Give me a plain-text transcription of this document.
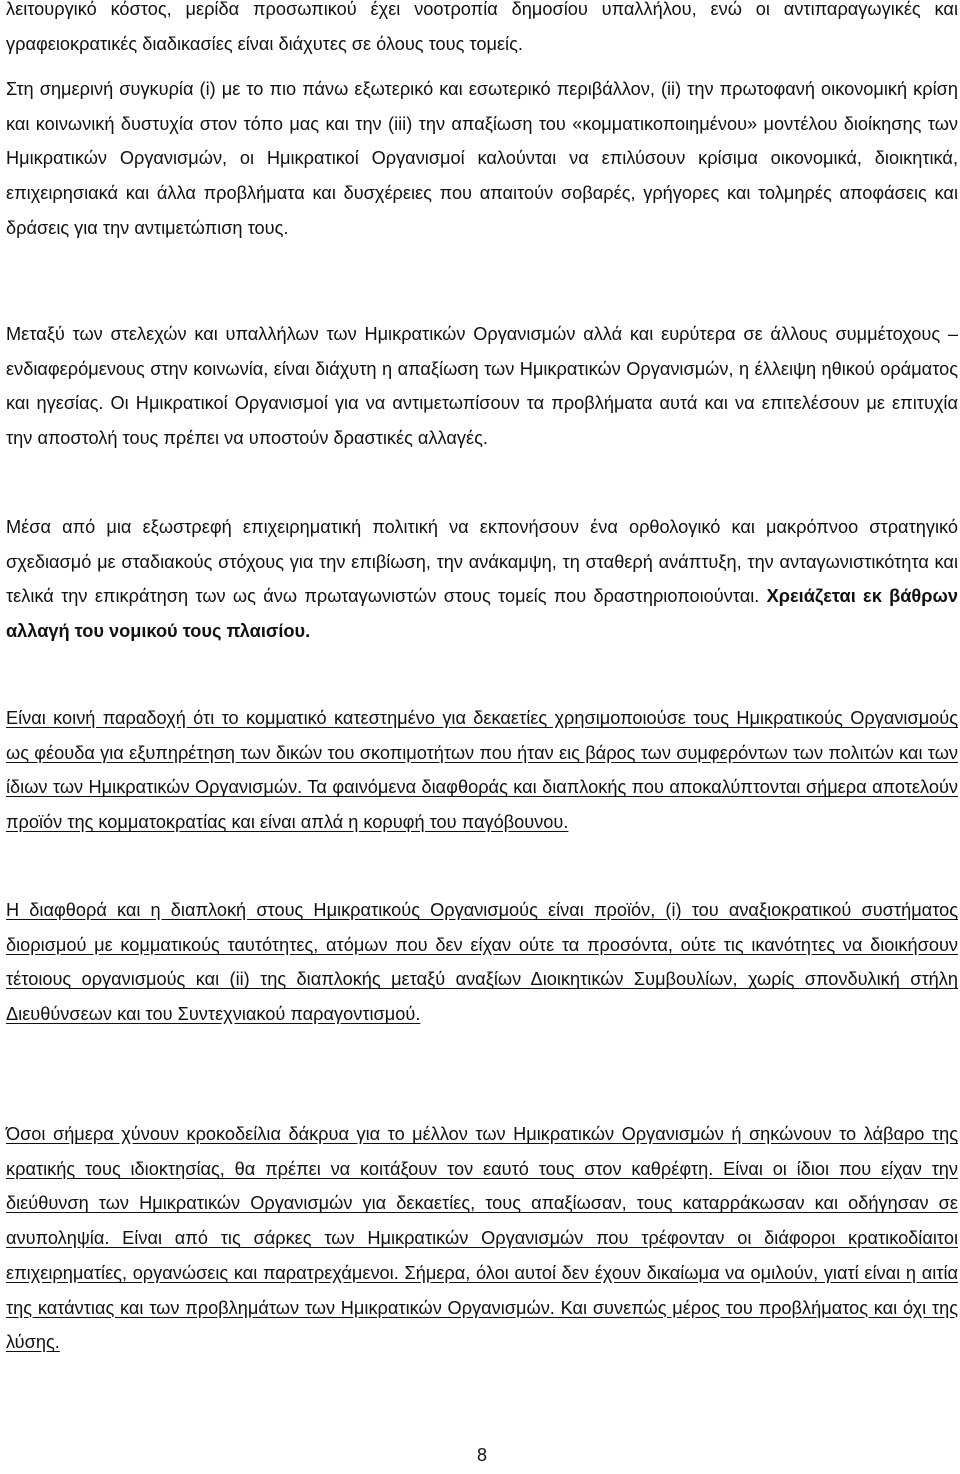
λειτουργικό κόστος, μερίδα προσωπικού έχει νοοτροπία δημοσίου υπαλλήλου, ενώ οι αντιπαραγωγικές και γραφειοκρατικές διαδικασίες είναι διάχυτες σε όλους τους τομείς.

Στη σημερινή συγκυρία (i) με το πιο πάνω εξωτερικό και εσωτερικό περιβάλλον, (ii) την πρωτοφανή οικονομική κρίση και κοινωνική δυστυχία στον τόπο μας και την (iii) την απαξίωση του «κομματικοποιημένου» μοντέλου διοίκησης των Ημικρατικών Οργανισμών, οι Ημικρατικοί Οργανισμοί καλούνται να επιλύσουν κρίσιμα οικονομικά, διοικητικά, επιχειρησιακά και άλλα προβλήματα και δυσχέρειες που απαιτούν σοβαρές, γρήγορες και τολμηρές αποφάσεις και δράσεις για την αντιμετώπιση τους.

Μεταξύ των στελεχών και υπαλλήλων των Ημικρατικών Οργανισμών αλλά και ευρύτερα σε άλλους συμμέτοχους – ενδιαφερόμενους στην κοινωνία, είναι διάχυτη η απαξίωση των Ημικρατικών Οργανισμών, η έλλειψη ηθικού οράματος και ηγεσίας. Οι Ημικρατικοί Οργανισμοί για να αντιμετωπίσουν τα προβλήματα αυτά και να επιτελέσουν με επιτυχία την αποστολή τους πρέπει να υποστούν δραστικές αλλαγές.

Μέσα από μια εξωστρεφή επιχειρηματική πολιτική να εκπονήσουν ένα ορθολογικό και μακρόπνοο στρατηγικό σχεδιασμό με σταδιακούς στόχους για την επιβίωση, την ανάκαμψη, τη σταθερή ανάπτυξη, την ανταγωνιστικότητα και τελικά την επικράτηση των ως άνω πρωταγωνιστών στους τομείς που δραστηριοποιούνται. Χρειάζεται εκ βάθρων αλλαγή του νομικού τους πλαισίου.

Είναι κοινή παραδοχή ότι το κομματικό κατεστημένο για δεκαετίες χρησιμοποιούσε τους Ημικρατικούς Οργανισμούς ως φέουδα για εξυπηρέτηση των δικών του σκοπιμοτήτων που ήταν εις βάρος των συμφερόντων των πολιτών και των ίδιων των Ημικρατικών Οργανισμών. Τα φαινόμενα διαφθοράς και διαπλοκής που αποκαλύπτονται σήμερα αποτελούν προϊόν της κομματοκρατίας και είναι απλά η κορυφή του παγόβουνου.

Η διαφθορά και η διαπλοκή στους Ημικρατικούς Οργανισμούς είναι προϊόν, (i) του αναξιοκρατικού συστήματος διορισμού με κομματικούς ταυτότητες, ατόμων που δεν είχαν ούτε τα προσόντα, ούτε τις ικανότητες να διοικήσουν τέτοιους οργανισμούς και (ii) της διαπλοκής μεταξύ αναξίων Διοικητικών Συμβουλίων, χωρίς σπονδυλική στήλη Διευθύνσεων και του Συντεχνιακού παραγοντισμού.

Όσοι σήμερα χύνουν κροκοδείλια δάκρυα για το μέλλον των Ημικρατικών Οργανισμών ή σηκώνουν το λάβαρο της κρατικής τους ιδιοκτησίας, θα πρέπει να κοιτάξουν τον εαυτό τους στον καθρέφτη. Είναι οι ίδιοι που είχαν την διεύθυνση των Ημικρατικών Οργανισμών για δεκαετίες, τους απαξίωσαν, τους καταρράκωσαν και οδήγησαν σε ανυποληψία. Είναι από τις σάρκες των Ημικρατικών Οργανισμών που τρέφονταν οι διάφοροι κρατικοδίαιτοι επιχειρηματίες, οργανώσεις και παρατρεχάμενοι. Σήμερα, όλοι αυτοί δεν έχουν δικαίωμα να ομιλούν, γιατί είναι η αιτία της κατάντιας και των προβλημάτων των Ημικρατικών Οργανισμών. Και συνεπώς μέρος του προβλήματος και όχι της λύσης.

8
